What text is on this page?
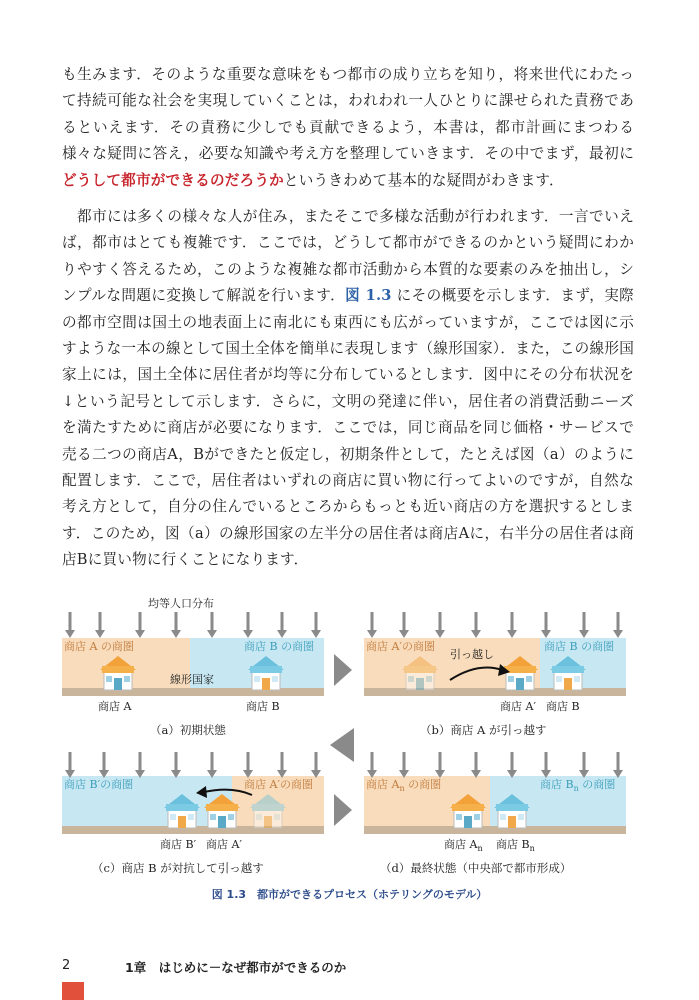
も生みます．そのような重要な意味をもつ都市の成り立ちを知り，将来世代にわたって持続可能な社会を実現していくことは，われわれ一人ひとりに課せられた責務であるといえます．その責務に少しでも貢献できるよう，本書は，都市計画にまつわる様々な疑問に答え，必要な知識や考え方を整理していきます．その中でまず，最初にどうして都市ができるのだろうかというきわめて基本的な疑問がわきます．

都市には多くの様々な人が住み，またそこで多様な活動が行われます．一言でいえば，都市はとても複雑です．ここでは，どうして都市ができるのかという疑問にわかりやすく答えるため，このような複雑な都市活動から本質的な要素のみを抽出し，シンプルな問題に変換して解説を行います．図 1.3 にその概要を示します．まず，実際の都市空間は国土の地表面上に南北にも東西にも広がっていますが，ここでは図に示すような一本の線として国土全体を簡単に表現します（線形国家）．また，この線形国家上には，国土全体に居住者が均等に分布しているとします．図中にその分布状況を↓という記号として示します．さらに，文明の発達に伴い，居住者の消費活動ニーズを満たすために商店が必要になります．ここでは，同じ商品を同じ価格・サービスで売る二つの商店A，Bができたと仮定し，初期条件として，たとえば図（a）のように配置します．ここで，居住者はいずれの商店に買い物に行ってよいのですが，自然な考え方として，自分の住んでいるところからもっとも近い商店の方を選択するとします．このため，図（a）の線形国家の左半分の居住者は商店Aに，右半分の居住者は商店Bに買い物に行くことになります．

均等人口分布
商店 A の商圏	商店 B の商圏
線形国家
商店 A	商店 B
（a）初期状態
商店 A′の商圏	商店 B の商圏
引っ越し
商店 A′ 商店 B
（b）商店 A が引っ越す
商店 B′の商圏	商店 A′の商圏
商店 B′ 商店 A′
（c）商店 B が対抗して引っ越す
商店 $A_n$ の商圏	商店 $B_n$ の商圏
商店 $A_n$ 商店 $B_n$
（d）最終状態（中央部で都市形成）
図 1.3　都市ができるプロセス（ホテリングのモデル）
2	1章　はじめに－なぜ都市ができるのか
